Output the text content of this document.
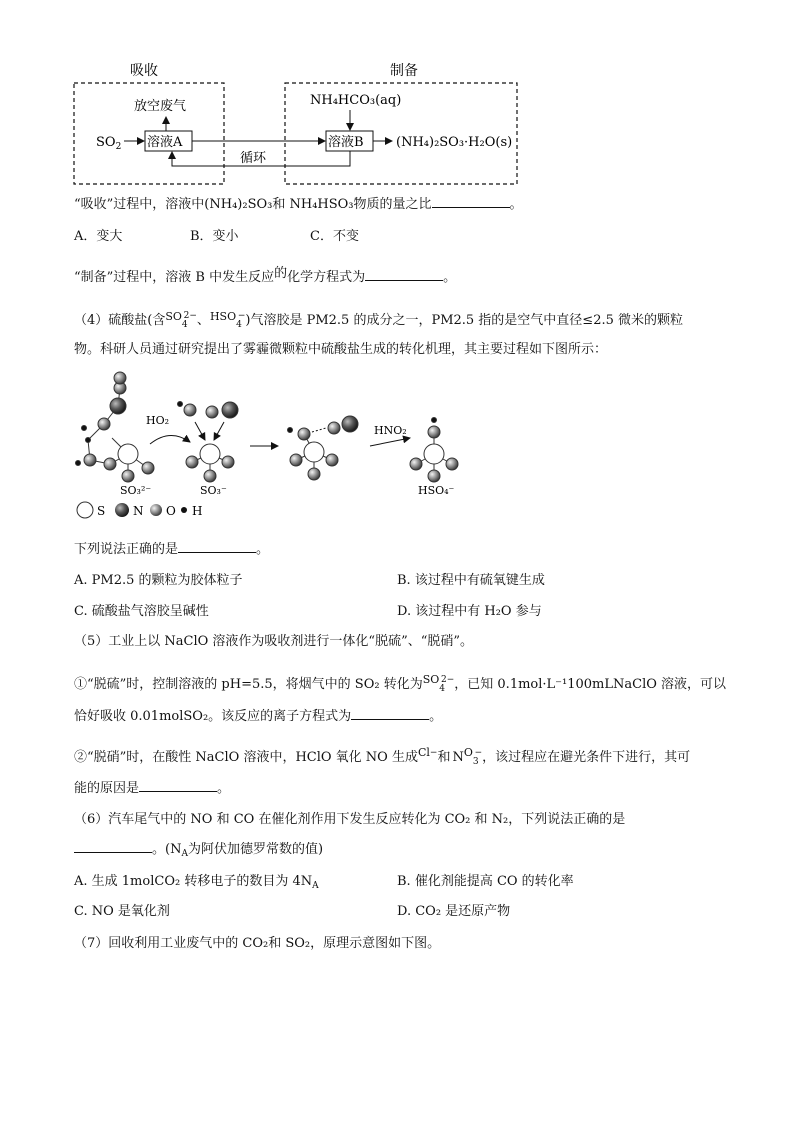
吸收	制备
溶液A	溶液B
放空废气
$SO_2$
NH₄HCO₃(aq)
(NH₄)₂SO₃·H₂O(s)
循环
“吸收”过程中，溶液中(NH₄)₂SO₃和 NH₄HSO₃物质的量之比	。
A．变大	B．变小	C．不变
“制备”过程中，溶液 B 中发生反应的化学方程式为	。
（4）硫酸盐(含$^{SO}_4^{2-}$、$^{HSO}_4$−)气溶胶是 PM2.5 的成分之一，PM2.5 指的是空气中直径≤2.5 微米的颗粒
物。科研人员通过研究提出了雾霾微颗粒中硫酸盐生成的转化机理，其主要过程如下图所示：
SO₃²⁻
HO₂
SO₃⁻
HNO₂
HSO₄⁻
S N O H
下列说法正确的是	。
A. PM2.5 的颗粒为胶体粒子	B. 该过程中有硫氧键生成
C. 硫酸盐气溶胶呈碱性	D. 该过程中有 H₂O 参与
（5）工业上以 NaClO 溶液作为吸收剂进行一体化“脱硫”、“脱硝”。
①“脱硫”时，控制溶液的 pH=5.5，将烟气中的 SO₂ 转化为$^{SO}_4^{2-}$，已知 0.1mol·L⁻¹100mLNaClO 溶液，可以
恰好吸收 0.01molSO₂。该反应的离子方程式为	。
②“脱硝”时，在酸性 NaClO 溶液中，HClO 氧化 NO 生成$^{Cl-}$和 $N^O_3^-$，该过程应在避光条件下进行，其可
能的原因是	。
（6）汽车尾气中的 NO 和 CO 在催化剂作用下发生反应转化为 CO₂ 和 N₂，下列说法正确的是
。($N_A$为阿伏加德罗常数的值)
A. 生成 1molCO₂ 转移电子的数目为 $4N_A$	B. 催化剂能提高 CO 的转化率
C. NO 是氧化剂	D. CO₂ 是还原产物
（7）回收利用工业废气中的 CO₂和 SO₂，原理示意图如下图。
